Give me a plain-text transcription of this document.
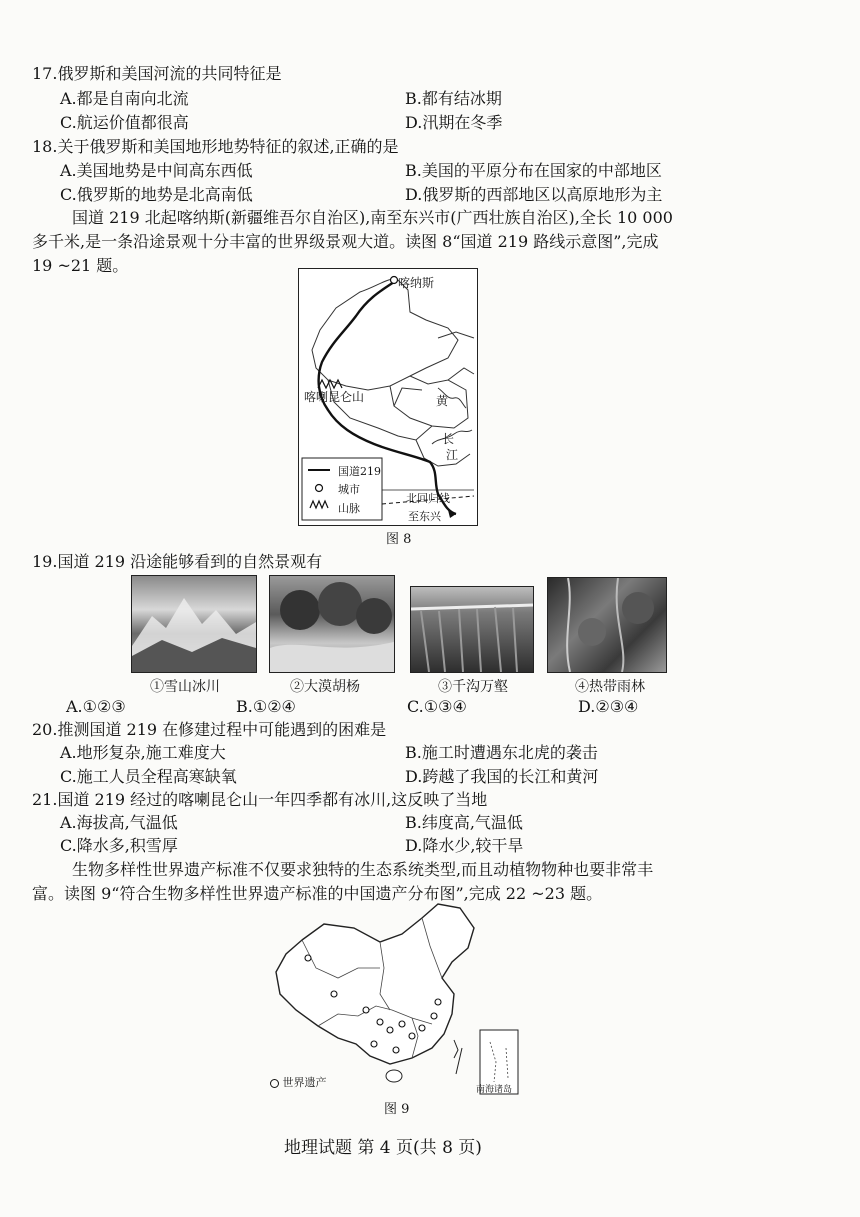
17.俄罗斯和美国河流的共同特征是
A.都是自南向北流	B.都有结冰期
C.航运价值都很高	D.汛期在冬季
18.关于俄罗斯和美国地形地势特征的叙述,正确的是
A.美国地势是中间高东西低	B.美国的平原分布在国家的中部地区
C.俄罗斯的地势是北高南低	D.俄罗斯的西部地区以高原地形为主
国道 219 北起喀纳斯(新疆维吾尔自治区),南至东兴市(广西壮族自治区),全长 10 000
多千米,是一条沿途景观十分丰富的世界级景观大道。读图 8“国道 219 路线示意图”,完成
19 ~21 题。
喀纳斯
喀喇昆仑山	黄
长
江
北回归线
至东兴
国道219
城市
山脉
图 8
19.国道 219 沿途能够看到的自然景观有
①雪山冰川	②大漠胡杨	③千沟万壑	④热带雨林
A.①②③	B.①②④	C.①③④	D.②③④
20.推测国道 219 在修建过程中可能遇到的困难是
A.地形复杂,施工难度大	B.施工时遭遇东北虎的袭击
C.施工人员全程高寒缺氧	D.跨越了我国的长江和黄河
21.国道 219 经过的喀喇昆仑山一年四季都有冰川,这反映了当地
A.海拔高,气温低	B.纬度高,气温低
C.降水多,积雪厚	D.降水少,较干旱
生物多样性世界遗产标准不仅要求独特的生态系统类型,而且动植物物种也要非常丰
富。读图 9“符合生物多样性世界遗产标准的中国遗产分布图”,完成 22 ~23 题。
世界遗产
南海诸岛
图 9
地理试题 第 4 页(共 8 页)
